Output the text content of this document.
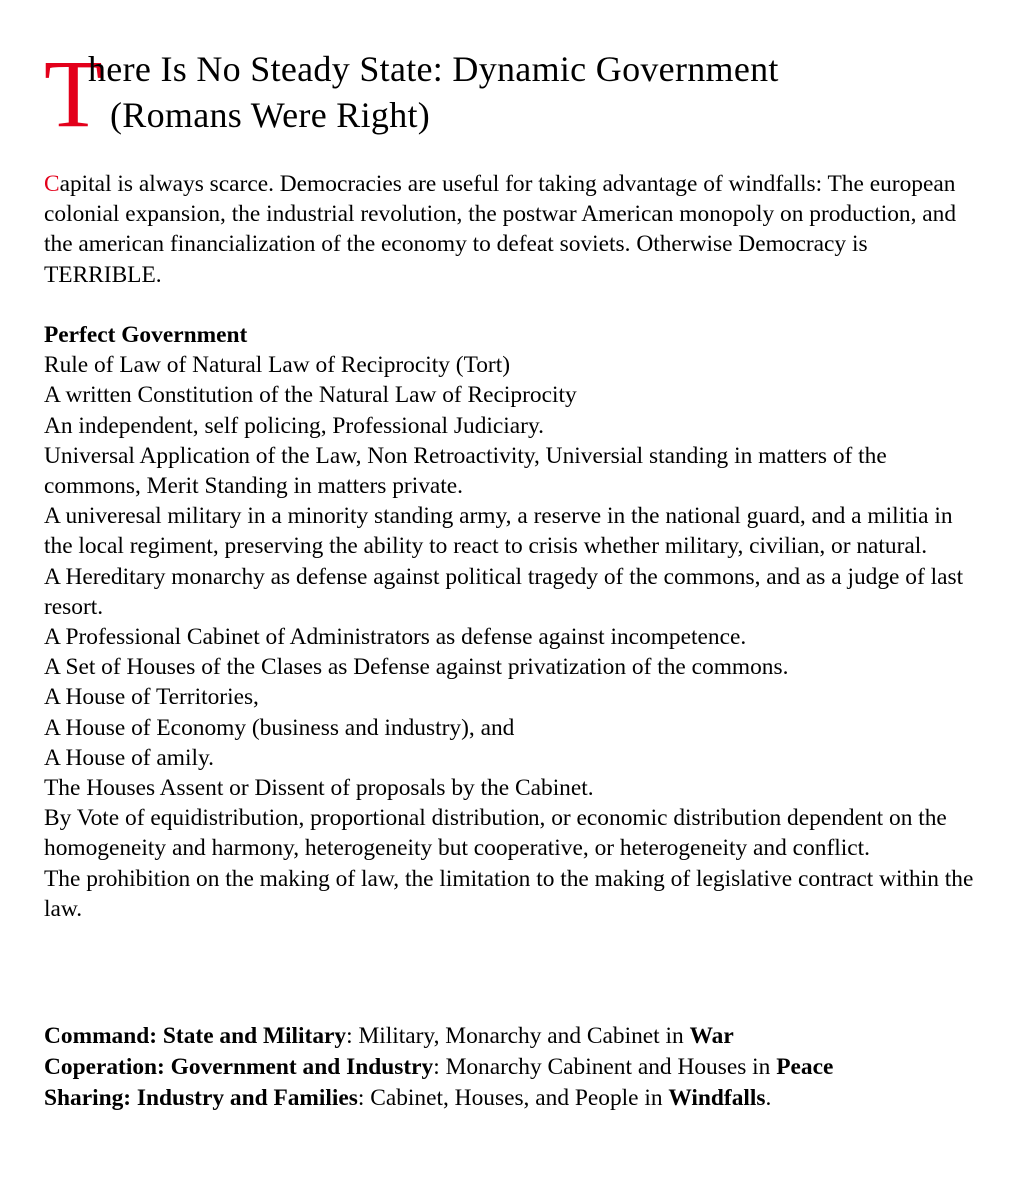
T
here Is No Steady State: Dynamic Government
(Romans Were Right)

Capital is always scarce. Democracies are useful for taking advantage of windfalls: The european colonial expansion, the industrial revolution, the postwar American monopoly on production, and the american financialization of the economy to defeat soviets. Otherwise Democracy is TERRIBLE.

Perfect Government
Rule of Law of Natural Law of Reciprocity (Tort)
A written Constitution of the Natural Law of Reciprocity
An independent, self policing, Professional Judiciary.
Universal Application of the Law, Non Retroactivity, Universial standing in matters of the commons, Merit Standing in matters private.
A univeresal military in a minority standing army, a reserve in the national guard, and a militia in the local regiment, preserving the ability to react to crisis whether military, civilian, or natural.
A Hereditary monarchy as defense against political tragedy of the commons, and as a judge of last resort.
A Professional Cabinet of Administrators as defense against incompetence.
A Set of Houses of the Clases as Defense against privatization of the commons.
A House of Territories,
A House of Economy (business and industry), and
A House of amily.
The Houses Assent or Dissent of proposals by the Cabinet.
By Vote of equidistribution, proportional distribution, or economic distribution dependent on the homogeneity and harmony, heterogeneity but cooperative, or heterogeneity and conflict.
The prohibition on the making of law, the limitation to the making of legislative contract within the law.
Command: State and Military: Military, Monarchy and Cabinet in War
Coperation: Government and Industry: Monarchy Cabinent and Houses in Peace
Sharing: Industry and Families: Cabinet, Houses, and People in Windfalls.
